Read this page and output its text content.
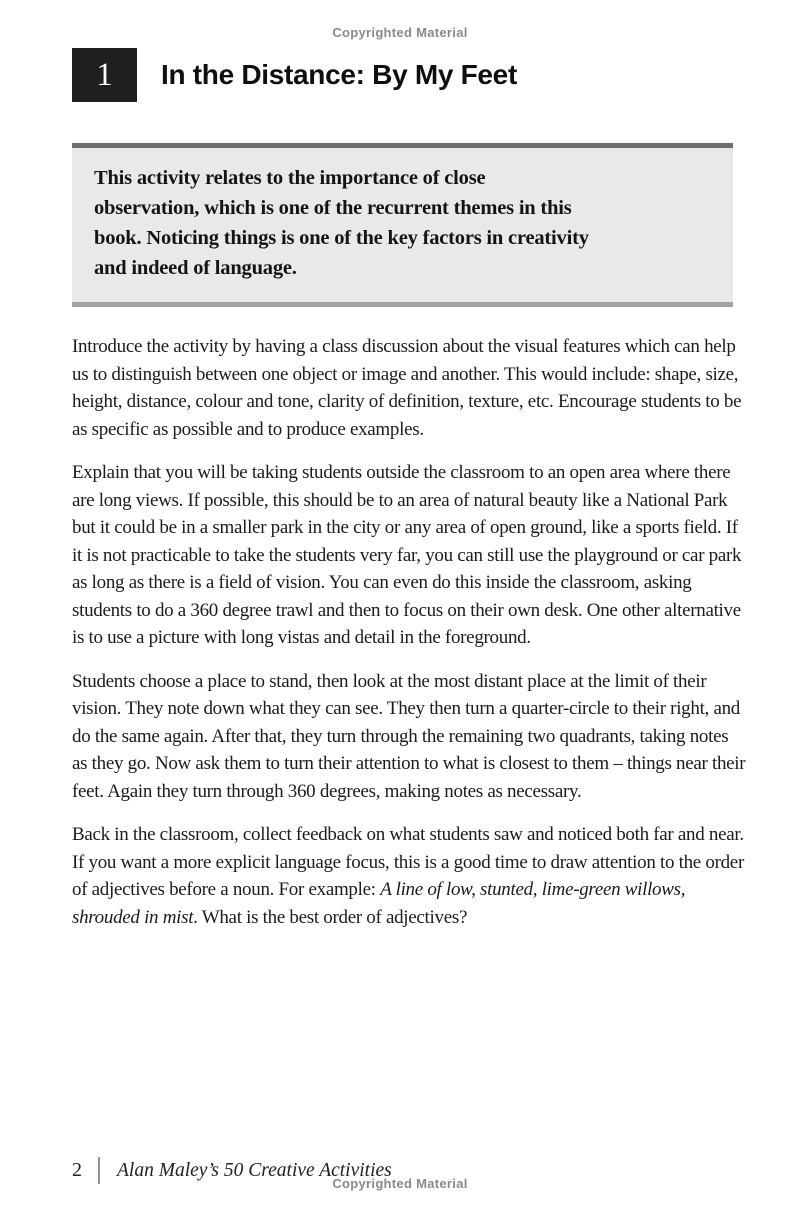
Copyrighted Material
1	In the Distance: By My Feet
This activity relates to the importance of close
observation, which is one of the recurrent themes in this
book. Noticing things is one of the key factors in creativity
and indeed of language.

Introduce the activity by having a class discussion about the visual features which can help us to distinguish between one object or image and another. This would include: shape, size, height, distance, colour and tone, clarity of definition, texture, etc. Encourage students to be as specific as possible and to produce examples.

Explain that you will be taking students outside the classroom to an open area where there are long views. If possible, this should be to an area of natural beauty like a National Park but it could be in a smaller park in the city or any area of open ground, like a sports field. If it is not practicable to take the students very far, you can still use the playground or car park as long as there is a field of vision. You can even do this inside the classroom, asking students to do a 360 degree trawl and then to focus on their own desk. One other alternative is to use a picture with long vistas and detail in the foreground.

Students choose a place to stand, then look at the most distant place at the limit of their vision. They note down what they can see. They then turn a quarter-circle to their right, and do the same again. After that, they turn through the remaining two quadrants, taking notes as they go. Now ask them to turn their attention to what is closest to them – things near their feet. Again they turn through 360 degrees, making notes as necessary.

Back in the classroom, collect feedback on what students saw and noticed both far and near. If you want a more explicit language focus, this is a good time to draw attention to the order of adjectives before a noun. For example: A line of low, stunted, lime-green willows, shrouded in mist. What is the best order of adjectives?

2 Alan Maley’s 50 Creative Activities
Copyrighted Material
